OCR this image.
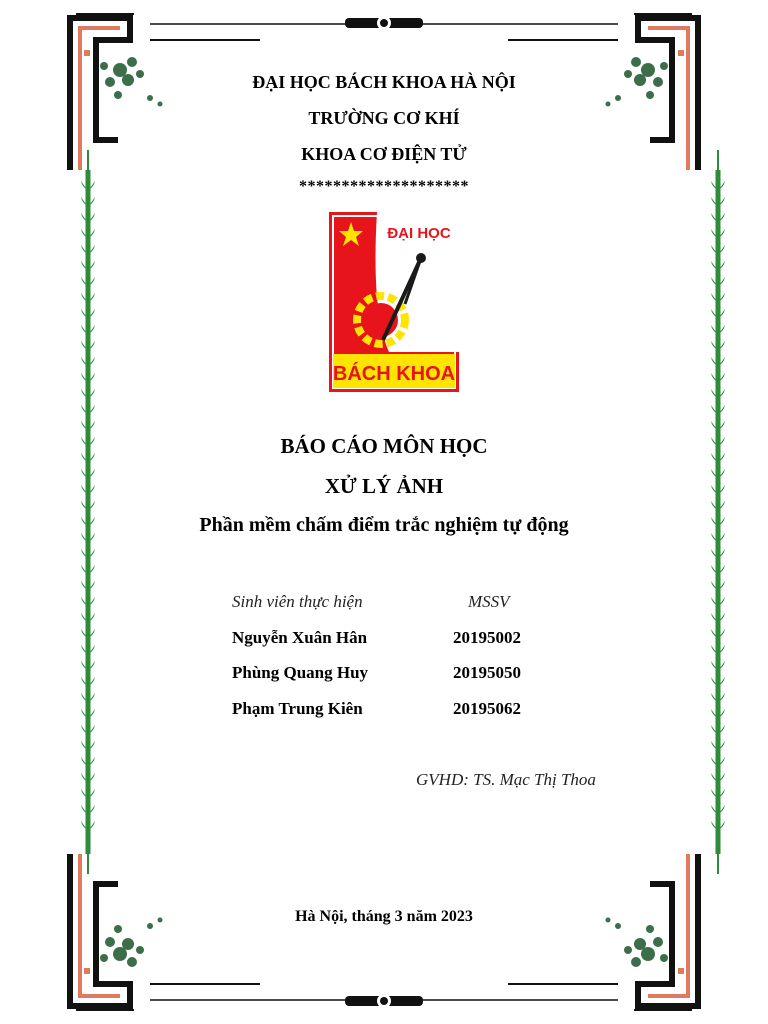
ĐẠI HỌC BÁCH KHOA HÀ NỘI
TRƯỜNG CƠ KHÍ
KHOA CƠ ĐIỆN TỬ
********************
ĐẠI HỌC
BÁCH KHOA
BÁO CÁO MÔN HỌC
XỬ LÝ ẢNH
Phần mềm chấm điểm trắc nghiệm tự động
Sinh viên thực hiện	MSSV
Nguyễn Xuân Hân	20195002
Phùng Quang Huy	20195050
Phạm Trung Kiên	20195062
GVHD: TS. Mạc Thị Thoa
Hà Nội, tháng 3 năm 2023
